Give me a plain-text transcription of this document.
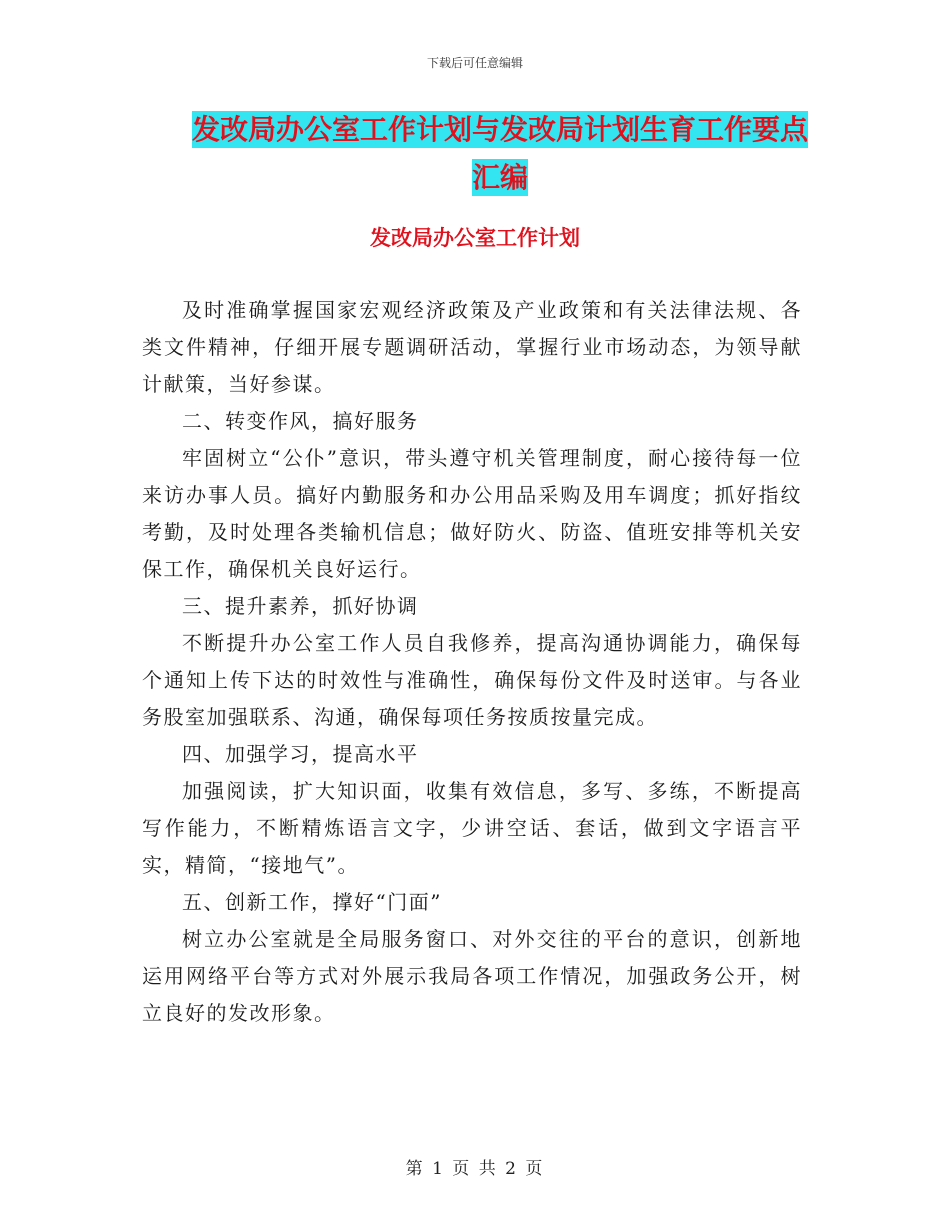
下载后可任意编辑
发改局办公室工作计划与发改局计划生育工作要点汇编
发改局办公室工作计划

及时准确掌握国家宏观经济政策及产业政策和有关法律法规、各类文件精神，仔细开展专题调研活动，掌握行业市场动态，为领导献计献策，当好参谋。

二、转变作风，搞好服务

牢固树立“公仆”意识，带头遵守机关管理制度，耐心接待每一位来访办事人员。搞好内勤服务和办公用品采购及用车调度；抓好指纹考勤，及时处理各类输机信息；做好防火、防盗、值班安排等机关安保工作，确保机关良好运行。

三、提升素养，抓好协调

不断提升办公室工作人员自我修养，提高沟通协调能力，确保每个通知上传下达的时效性与准确性，确保每份文件及时送审。与各业务股室加强联系、沟通，确保每项任务按质按量完成。

四、加强学习，提高水平

加强阅读，扩大知识面，收集有效信息，多写、多练，不断提高写作能力，不断精炼语言文字，少讲空话、套话，做到文字语言平实，精简，“接地气”。

五、创新工作，撑好“门面”

树立办公室就是全局服务窗口、对外交往的平台的意识，创新地运用网络平台等方式对外展示我局各项工作情况，加强政务公开，树立良好的发改形象。

第 1 页 共 2 页
